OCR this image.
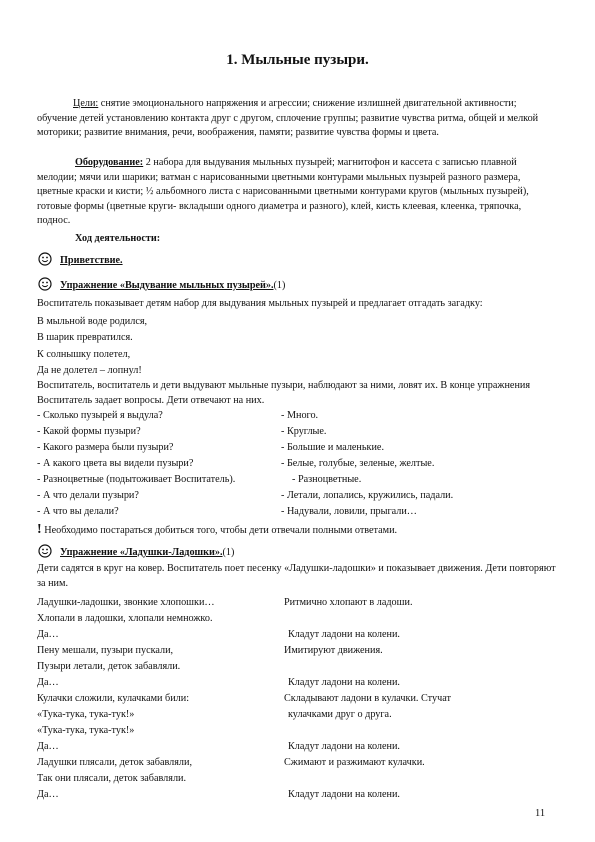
1. Мыльные пузыри.
Цели: снятие эмоционального напряжения и агрессии; снижение излишней двигательной активности; обучение детей установлению контакта друг с другом, сплочение группы; развитие чувства ритма, общей и мелкой моторики; развитие внимания, речи, воображения, памяти; развитие чувства формы и цвета.
Оборудование: 2 набора для выдувания мыльных пузырей; магнитофон и кассета с записью плавной мелодии; мячи или шарики; ватман с нарисованными цветными контурами мыльных пузырей разного размера, цветные краски и кисти; ½ альбомного листа с нарисованными цветными контурами кругов (мыльных пузырей), готовые формы (цветные круги- вкладыши одного диаметра и разного), клей, кисть клеевая, клеенка, тряпочка, поднос.
Ход деятельности:
Приветствие.
Упражнение «Выдувание мыльных пузырей».(1)
Воспитатель показывает детям набор для выдувания мыльных пузырей и предлагает отгадать загадку:
В мыльной воде родился,
В шарик превратился.
К солнышку полетел,
Да не долетел – лопнул!
Воспитатель, воспитатель и дети выдувают мыльные пузыри, наблюдают за ними, ловят их. В конце упражнения Воспитатель задает вопросы. Дети отвечают на них.
- Сколько пузырей я выдула?	- Много.
- Какой формы пузыри?	- Круглые.
- Какого размера были пузыри?	- Большие и маленькие.
- А какого цвета вы видели пузыри?	- Белые, голубые, зеленые, желтые.
- Разноцветные (подытоживает Воспитатель).	- Разноцветные.
- А что делали пузыри?	- Летали, лопались, кружились, падали.
- А что вы делали?	- Надували, ловили, прыгали…
! Необходимо постараться добиться того, чтобы дети отвечали полными ответами.
Упражнение «Ладушки-Ладошки».(1)
Дети садятся в круг на ковер. Воспитатель поет песенку «Ладушки-ладошки» и показывает движения. Дети повторяют за ним.
Ладушки-ладошки, звонкие хлопошки…	Ритмично хлопают в ладоши.
Хлопали в ладошки, хлопали немножко.
Да…	Кладут ладони на колени.
Пену мешали, пузыри пускали,	Имитируют движения.
Пузыри летали, деток забавляли.
Да…	Кладут ладони на колени.
Кулачки сложили, кулачками били:	Складывают ладони в кулачки. Стучат
«Тука-тука, тука-тук!»	кулачками друг о друга.
«Тука-тука, тука-тук!»
Да…	Кладут ладони на колени.
Ладушки плясали, деток забавляли,	Сжимают и разжимают кулачки.
Так они плясали, деток забавляли.
Да…	Кладут ладони на колени.
11
